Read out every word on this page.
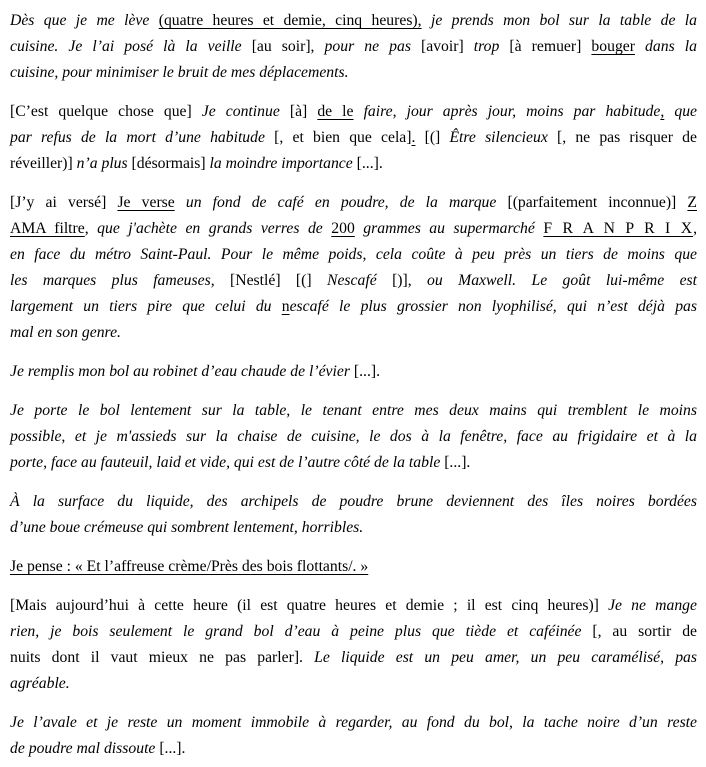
Dès que je me lève (quatre heures et demie, cinq heures), je prends mon bol sur la table de la
cuisine. Je l’ai posé là la veille [au soir], pour ne pas [avoir] trop [à remuer] bouger dans la
cuisine, pour minimiser le bruit de mes déplacements.
[C’est quelque chose que] Je continue [à] de le faire, jour après jour, moins par habitude, que
par refus de la mort d’une habitude [, et bien que cela]. [(] Être silencieux [, ne pas risquer de
réveiller)] n’a plus [désormais] la moindre importance [...].
[J’y ai versé] Je verse un fond de café en poudre, de la marque [(parfaitement inconnue)] Z
AMA filtre, que j'achète en grands verres de 200 grammes au supermarché F R A N P R I X,
en face du métro Saint-Paul. Pour le même poids, cela coûte à peu près un tiers de moins que
les marques plus fameuses, [Nestlé] [(] Nescafé [)], ou Maxwell. Le goût lui-même est
largement un tiers pire que celui du nescafé le plus grossier non lyophilisé, qui n’est déjà pas
mal en son genre.
Je remplis mon bol au robinet d’eau chaude de l’évier [...].
Je porte le bol lentement sur la table, le tenant entre mes deux mains qui tremblent le moins
possible, et je m'assieds sur la chaise de cuisine, le dos à la fenêtre, face au frigidaire et à la
porte, face au fauteuil, laid et vide, qui est de l’autre côté de la table [...].
À la surface du liquide, des archipels de poudre brune deviennent des îles noires bordées
d’une boue crémeuse qui sombrent lentement, horribles.
Je pense : « Et l’affreuse crème/Près des bois flottants/. »
[Mais aujourd’hui à cette heure (il est quatre heures et demie ; il est cinq heures)] Je ne mange
rien, je bois seulement le grand bol d’eau à peine plus que tiède et caféinée [, au sortir de
nuits dont il vaut mieux ne pas parler]. Le liquide est un peu amer, un peu caramélisé, pas
agréable.
Je l’avale et je reste un moment immobile à regarder, au fond du bol, la tache noire d’un reste
de poudre mal dissoute [...].
